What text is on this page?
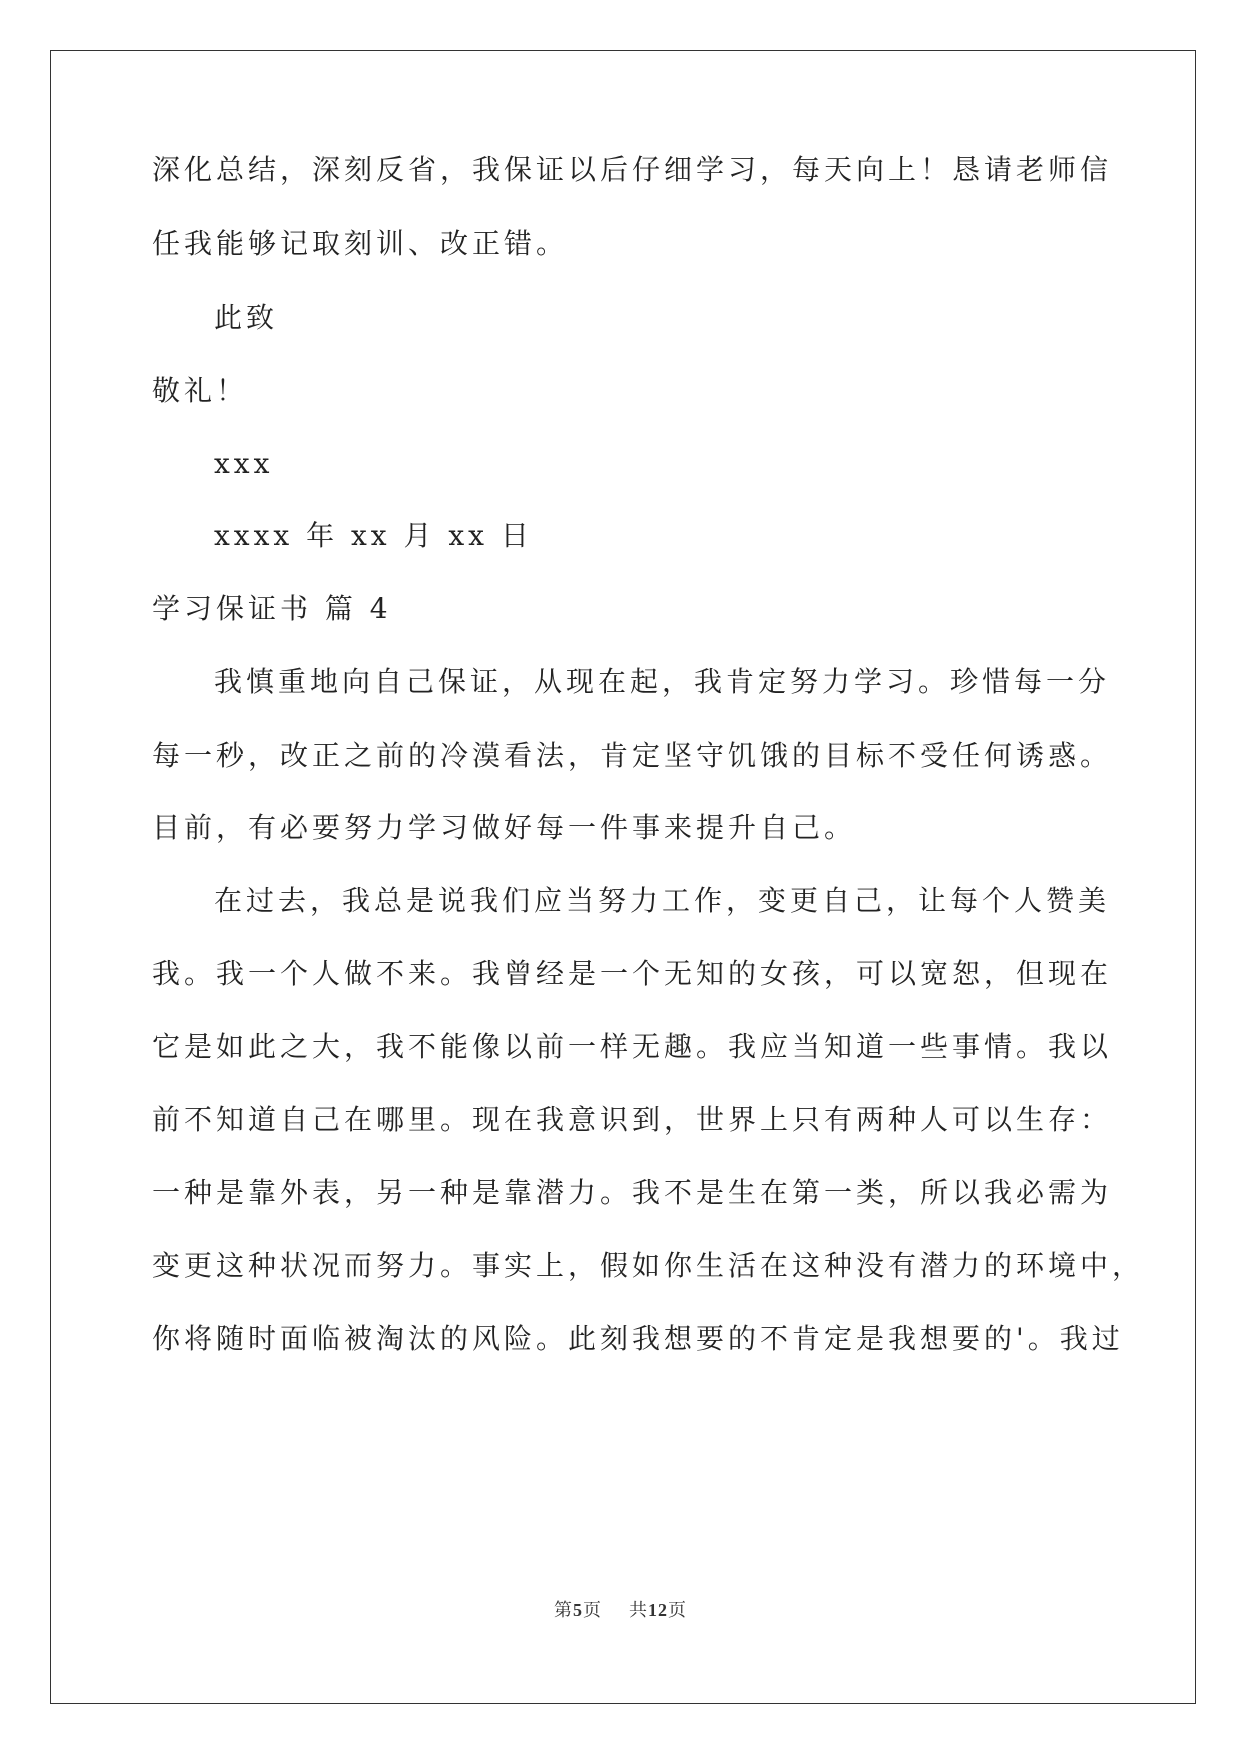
深化总结，深刻反省，我保证以后仔细学习，每天向上！恳请老师信
任我能够记取刻训、改正错。
此致
敬礼！
xxx
xxxx 年 xx 月 xx 日
学习保证书 篇 4
我慎重地向自己保证，从现在起，我肯定努力学习。珍惜每一分
每一秒，改正之前的冷漠看法，肯定坚守饥饿的目标不受任何诱惑。
目前，有必要努力学习做好每一件事来提升自己。
在过去，我总是说我们应当努力工作，变更自己，让每个人赞美
我。我一个人做不来。我曾经是一个无知的女孩，可以宽恕，但现在
它是如此之大，我不能像以前一样无趣。我应当知道一些事情。我以
前不知道自己在哪里。现在我意识到，世界上只有两种人可以生存：
一种是靠外表，另一种是靠潜力。我不是生在第一类，所以我必需为
变更这种状况而努力。事实上，假如你生活在这种没有潜力的环境中，
你将随时面临被淘汰的风险。此刻我想要的不肯定是我想要的'。我过
第5页 共12页
